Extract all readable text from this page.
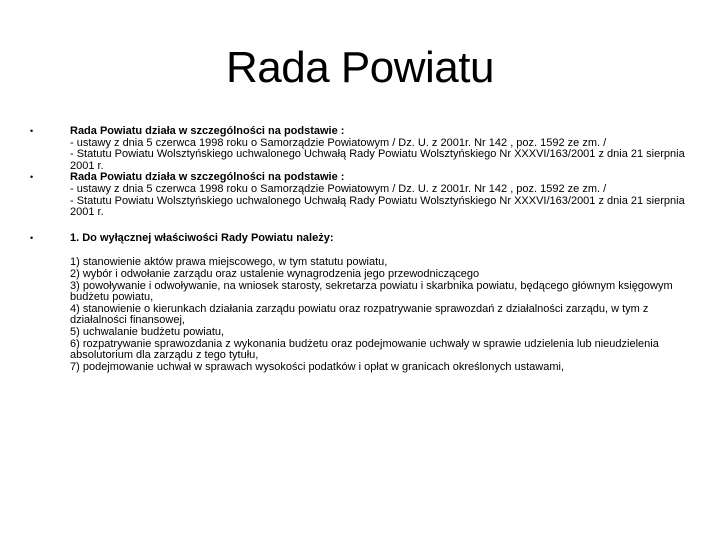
Rada Powiatu
•	Rada Powiatu działa w szczególności na podstawie :
- ustawy z dnia 5 czerwca 1998 roku o Samorządzie Powiatowym / Dz. U. z 2001r. Nr 142 , poz. 1592 ze zm. /
- Statutu Powiatu Wolsztyńskiego uchwalonego Uchwałą Rady Powiatu Wolsztyńskiego Nr XXXVI/163/2001 z dnia 21 sierpnia 2001 r.
•	Rada Powiatu działa w szczególności na podstawie :
- ustawy z dnia 5 czerwca 1998 roku o Samorządzie Powiatowym / Dz. U. z 2001r. Nr 142 , poz. 1592 ze zm. /
- Statutu Powiatu Wolsztyńskiego uchwalonego Uchwałą Rady Powiatu Wolsztyńskiego Nr XXXVI/163/2001 z dnia 21 sierpnia 2001 r.
•	1. Do wyłącznej właściwości Rady Powiatu należy:
1) stanowienie aktów prawa miejscowego, w tym statutu powiatu,
2) wybór i odwołanie zarządu oraz ustalenie wynagrodzenia jego przewodniczącego
3) powoływanie i odwoływanie, na wniosek starosty, sekretarza powiatu i skarbnika powiatu, będącego głównym księgowym budżetu powiatu,
4) stanowienie o kierunkach działania zarządu powiatu oraz rozpatrywanie sprawozdań z działalności zarządu, w tym z działalności finansowej,
5) uchwalanie budżetu powiatu,
6) rozpatrywanie sprawozdania z wykonania budżetu oraz podejmowanie uchwały w sprawie udzielenia lub nieudzielenia absolutorium dla zarządu z tego tytułu,
7) podejmowanie uchwał w sprawach wysokości podatków i opłat w granicach określonych ustawami,
